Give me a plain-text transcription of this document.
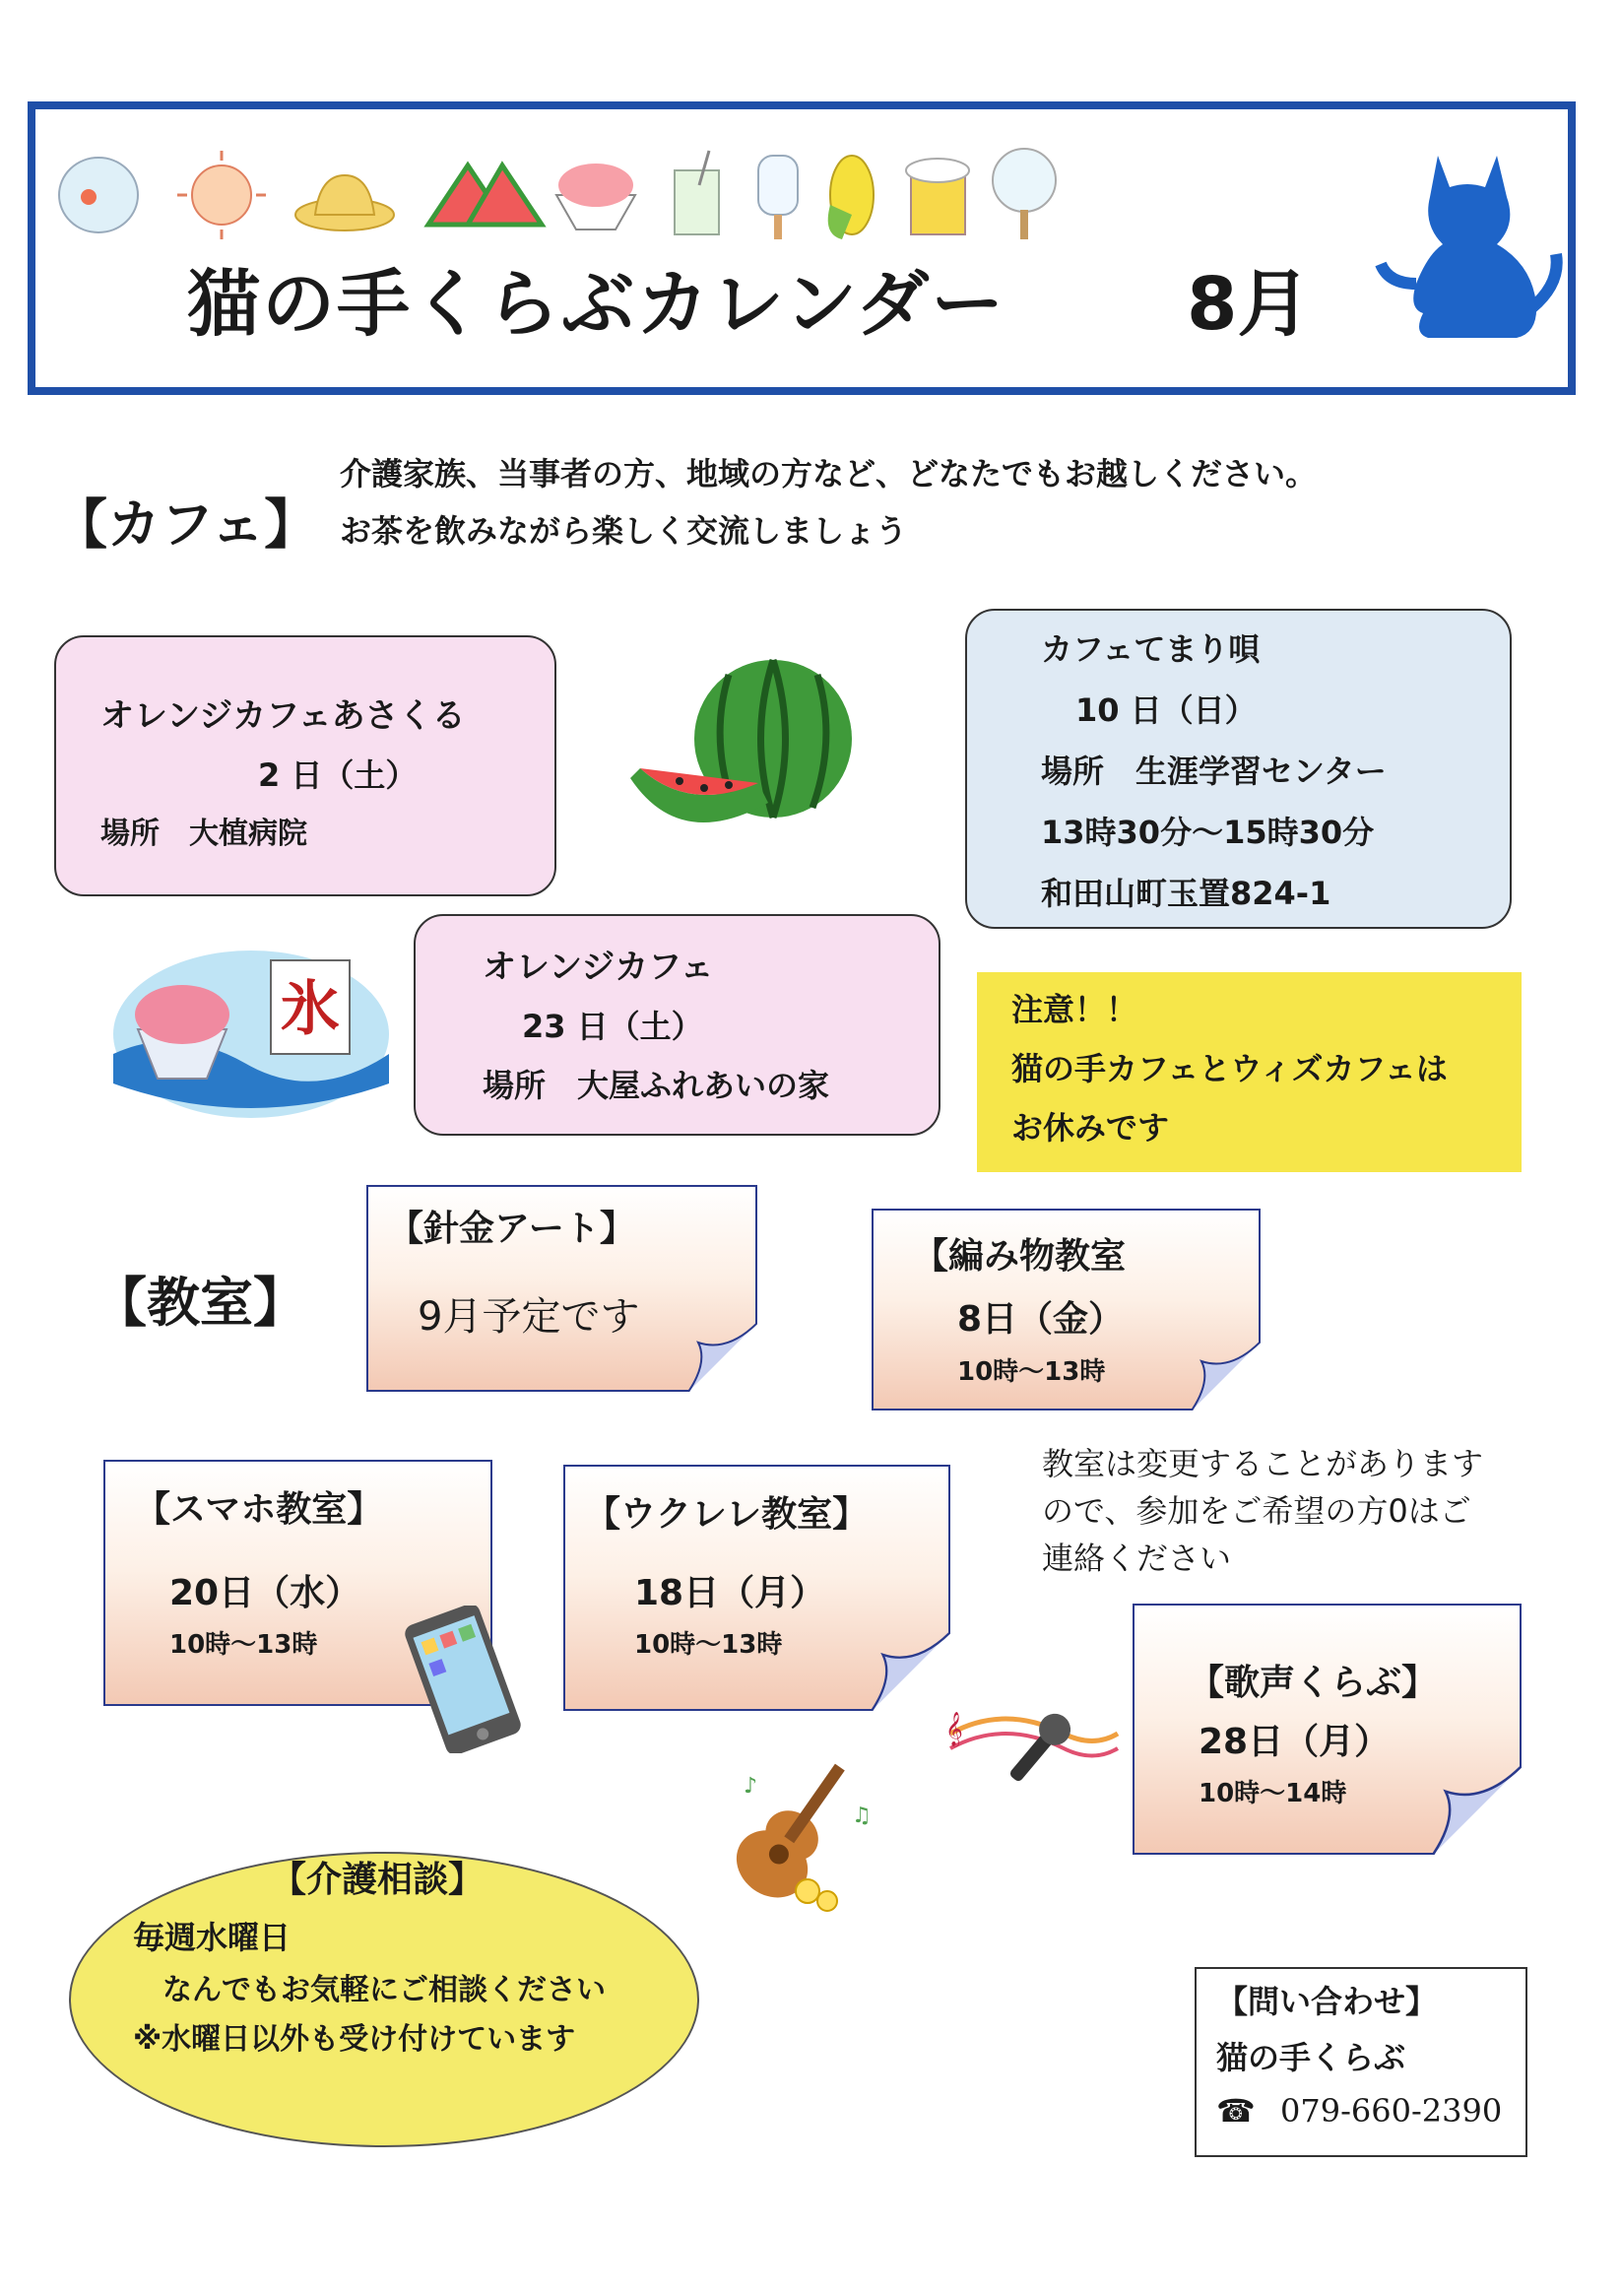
猫の手くらぶカレンダー 8月
【カフェ】
介護家族、当事者の方、地域の方など、どなたでもお越しください。
お茶を飲みながら楽しく交流しましょう
オレンジカフェあさくる
2 日（土）
場所　大植病院
カフェてまり唄
10 日（日）
場所　生涯学習センター
13時30分～15時30分
和田山町玉置824-1
氷
オレンジカフェ
23 日（土）
場所　大屋ふれあいの家
注意！！
猫の手カフェとウィズカフェは
お休みです
【教室】
【針金アート】
9月予定です
【編み物教室
8日（金）
10時～13時
【スマホ教室】
20日（水）
10時～13時
【ウクレレ教室】
18日（月）
10時～13時
教室は変更することがあります
ので、参加をご希望の方0はご
連絡ください
♪
♫
𝄞
【歌声くらぶ】
28日（月）
10時～14時
【介護相談】
毎週水曜日
なんでもお気軽にご相談ください
※水曜日以外も受け付けています
【問い合わせ】
猫の手くらぶ
☎ 079-660-2390
